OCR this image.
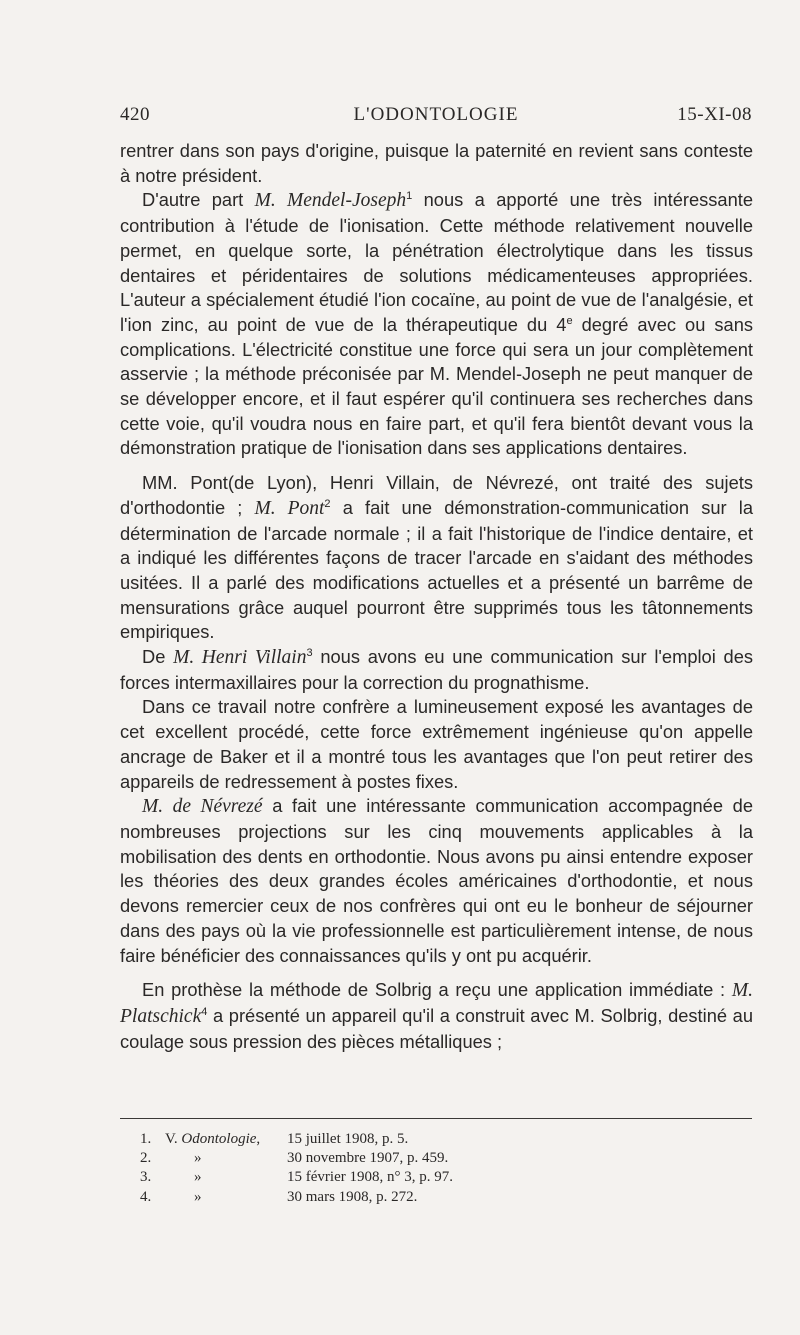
420	L'ODONTOLOGIE	15-XI-08

rentrer dans son pays d'origine, puisque la paternité en revient sans conteste à notre président.

D'autre part M. Mendel-Joseph$^1$ nous a apporté une très intéressante contribution à l'étude de l'ionisation. Cette méthode relativement nouvelle permet, en quelque sorte, la pénétration électrolytique dans les tissus dentaires et péridentaires de solutions médicamenteuses appropriées. L'auteur a spécialement étudié l'ion cocaïne, au point de vue de l'analgésie, et l'ion zinc, au point de vue de la thérapeutique du 4e degré avec ou sans complications. L'électricité constitue une force qui sera un jour complètement asservie ; la méthode préconisée par M. Mendel-Joseph ne peut manquer de se développer encore, et il faut espérer qu'il continuera ses recherches dans cette voie, qu'il voudra nous en faire part, et qu'il fera bientôt devant vous la démonstration pratique de l'ionisation dans ses applications dentaires.

MM. Pont(de Lyon), Henri Villain, de Névrezé, ont traité des sujets d'orthodontie ; M. Pont$^2$ a fait une démonstration-communication sur la détermination de l'arcade normale ; il a fait l'historique de l'indice dentaire, et a indiqué les différentes façons de tracer l'arcade en s'aidant des méthodes usitées. Il a parlé des modifications actuelles et a présenté un barrême de mensurations grâce auquel pourront être supprimés tous les tâtonnements empiriques.

De M. Henri Villain$^3$ nous avons eu une communication sur l'emploi des forces intermaxillaires pour la correction du prognathisme.

Dans ce travail notre confrère a lumineusement exposé les avantages de cet excellent procédé, cette force extrêmement ingénieuse qu'on appelle ancrage de Baker et il a montré tous les avantages que l'on peut retirer des appareils de redressement à postes fixes.

M. de Névrezé a fait une intéressante communication accompagnée de nombreuses projections sur les cinq mouvements applicables à la mobilisation des dents en orthodontie. Nous avons pu ainsi entendre exposer les théories des deux grandes écoles américaines d'orthodontie, et nous devons remercier ceux de nos confrères qui ont eu le bonheur de séjourner dans des pays où la vie professionnelle est particulièrement intense, de nous faire bénéficier des connaissances qu'ils y ont pu acquérir.

En prothèse la méthode de Solbrig a reçu une application immédiate : M. Platschick$^4$ a présenté un appareil qu'il a construit avec M. Solbrig, destiné au coulage sous pression des pièces métalliques ;

1. V. Odontologie, 15 juillet 1908, p. 5.
2.	»	30 novembre 1907, p. 459.
3.	»	15 février 1908, n° 3, p. 97.
4.	»	30 mars 1908, p. 272.
